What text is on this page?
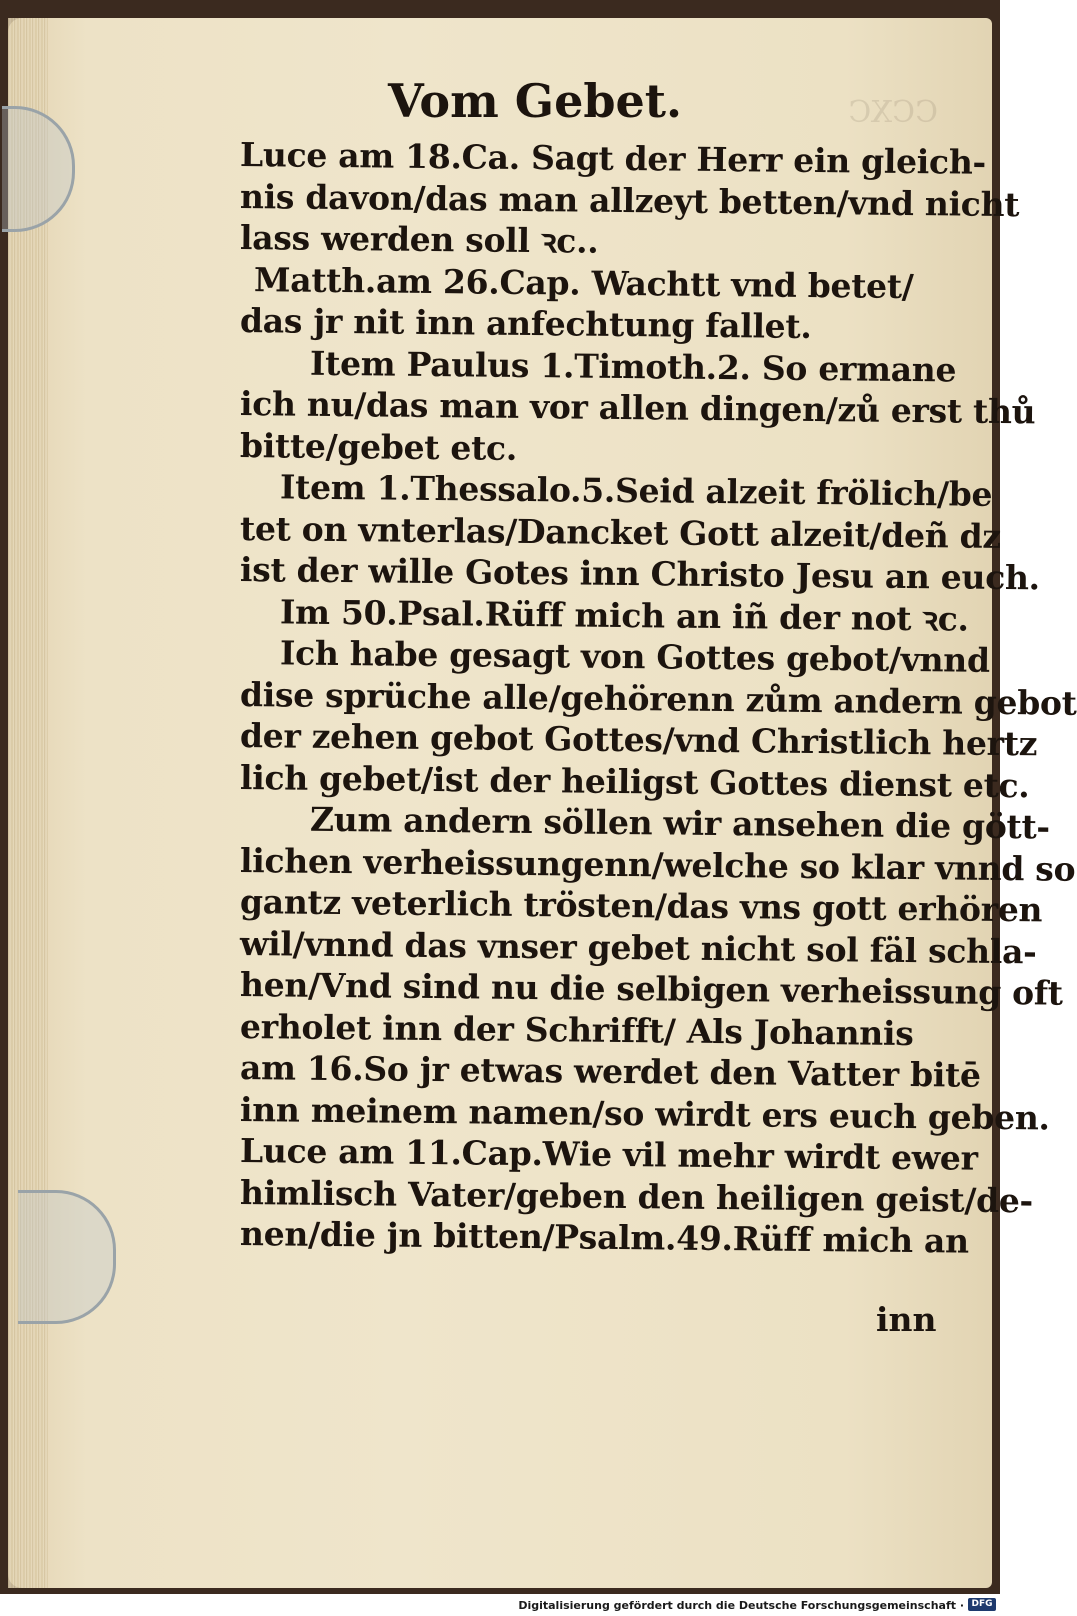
CCXC
Vom Gebet.
Luce am 18.Ca. Sagt der Herr ein gleich-
nis davon/das man allzeyt betten/vnd nicht
lass werden soll ꝛc..
Matth.am 26.Cap. Wachtt vnd betet/
das jr nit inn anfechtung fallet.
Item Paulus 1.Timoth.2. So ermane
ich nu/das man vor allen dingen/zů erst thů
bitte/gebet etc.
Item 1.Thessalo.5.Seid alzeit frölich/be
tet on vnterlas/Dancket Gott alzeit/deñ dz
ist der wille Gotes inn Christo Jesu an euch.
Im 50.Psal.Rüff mich an iñ der not ꝛc.
Ich habe gesagt von Gottes gebot/vnnd
dise sprüche alle/gehörenn zům andern gebot
der zehen gebot Gottes/vnd Christlich hertz
lich gebet/ist der heiligst Gottes dienst etc.
Zum andern söllen wir ansehen die gött-
lichen verheissungenn/welche so klar vnnd so
gantz veterlich trösten/das vns gott erhören
wil/vnnd das vnser gebet nicht sol fäl schla-
hen/Vnd sind nu die selbigen verheissung oft
erholet inn der Schrifft/ Als Johannis
am 16.So jr etwas werdet den Vatter bitē
inn meinem namen/so wirdt ers euch geben.
Luce am 11.Cap.Wie vil mehr wirdt ewer
himlisch Vater/geben den heiligen geist/de-
nen/die jn bitten/Psalm.49.Rüff mich an
inn
Digitalisierung gefördert durch die Deutsche Forschungsgemeinschaft · DFG
